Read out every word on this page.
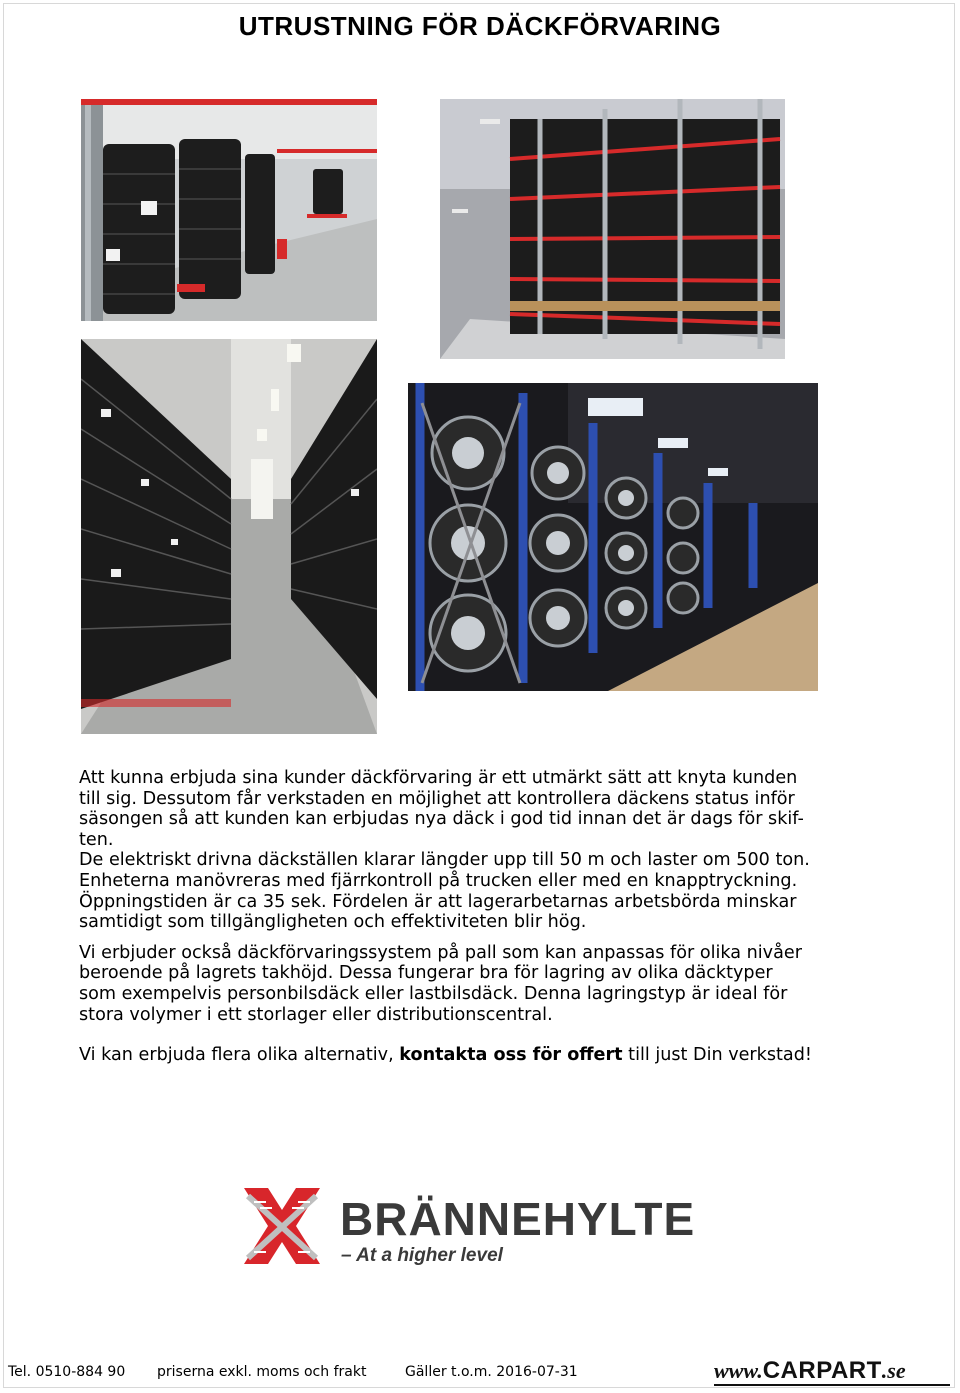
UTRUSTNING FÖR DÄCKFÖRVARING

Att kunna erbjuda sina kunder däckförvaring är ett utmärkt sätt att knyta kunden
till sig. Dessutom får verkstaden en möjlighet att kontrollera däckens status inför
säsongen så att kunden kan erbjudas nya däck i god tid innan det är dags för skif-
ten.

De elektriskt drivna däckställen klarar längder upp till 50 m och laster om 500 ton.
Enheterna manövreras med fjärrkontroll på trucken eller med en knapptryckning.
Öppningstiden är ca 35 sek. Fördelen är att lagerarbetarnas arbetsbörda minskar
samtidigt som tillgängligheten och effektiviteten blir hög.

Vi erbjuder också däckförvaringssystem på pall som kan anpassas för olika nivåer
beroende på lagrets takhöjd. Dessa fungerar bra för lagring av olika däcktyper
som exempelvis personbilsdäck eller lastbilsdäck. Denna lagringstyp är ideal för
stora volymer i ett storlager eller distributionscentral.

Vi kan erbjuda flera olika alternativ, kontakta oss för offert till just Din verkstad!

BRÄNNEHYLTE
– At a higher level
Tel. 0510-884 90 priserna exkl. moms och frakt	Gäller t.o.m. 2016-07-31	www.CARPART.se
